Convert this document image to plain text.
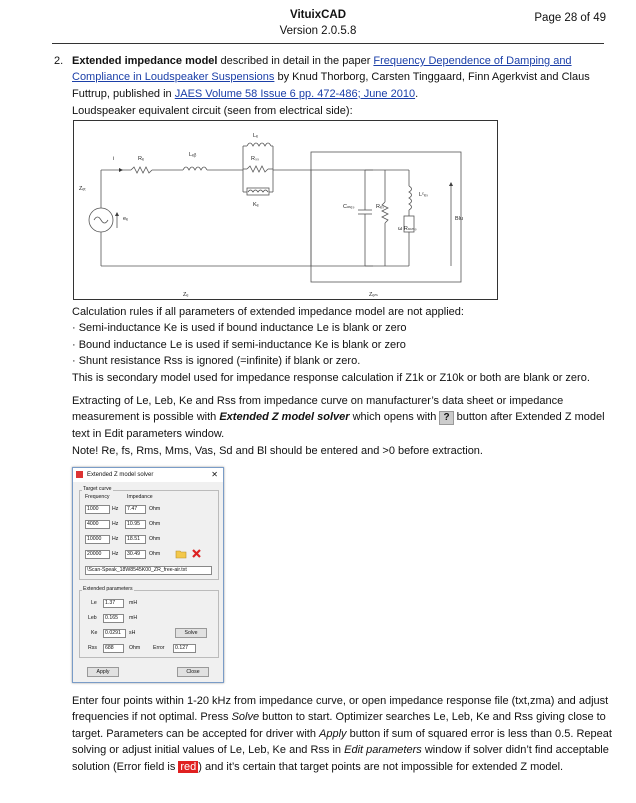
VituixCAD
Version 2.0.5.8
Page 28 of 49
2. Extended impedance model described in detail in the paper Frequency Dependence of Damping and Compliance in Loudspeaker Suspensions by Knud Thorborg, Carsten Tinggaard, Finn Agerkvist and Claus Futtrup, published in JAES Volume 58 Issue 6 pp. 472-486; June 2010.
Loudspeaker equivalent circuit (seen from electrical side):
Lₑ
Lₑᵦ
Rₑ	Rₛₛ
Kₑ
i
Zₑₜ
eₑ
Cₘₑₛ	Rₑₛ
Lᶜₑₛ
ω Rₘₘₛ
Blu
Zₑ	Zₑₘ
Calculation rules if all parameters of extended impedance model are not applied:
· Semi-inductance Ke is used if bound inductance Le is blank or zero
· Bound inductance Le is used if semi-inductance Ke is blank or zero
· Shunt resistance Rss is ignored (=infinite) if blank or zero.
This is secondary model used for impedance response calculation if Z1k or Z10k or both are blank or zero.
Extracting of Le, Leb, Ke and Rss from impedance curve on manufacturer’s data sheet or impedance measurement is possible with Extended Z model solver which opens with ? button after Extended Z model text in Edit parameters window.
Note! Re, fs, Rms, Mms, Vas, Sd and Bl should be entered and >0 before extraction.
Extended Z model solver	✕
Target curve
Frequency	Impedance
1000	Hz	7.47	Ohm
4000	Hz	10.95	Ohm
10000	Hz	18.51	Ohm
20000	Hz	30.49	Ohm
\Scan-Speak_18W8545K00_ZR_free-air.txt
Extended parameters
Le	1.37	mH
Leb	0.165	mH
Ke	0.0291	sH	Solve
Rss	688	Ohm Error	0.127
Apply	Close
Enter four points within 1-20 kHz from impedance curve, or open impedance response file (txt,zma) and adjust frequencies if not optimal. Press Solve button to start. Optimizer searches Le, Leb, Ke and Rss giving close to target. Parameters can be accepted for driver with Apply button if sum of squared error is less than 0.5. Repeat solving or adjust initial values of Le, Leb, Ke and Rss in Edit parameters window if solver didn’t find acceptable solution (Error field is red ) and it’s certain that target points are not impossible for extended Z model.
